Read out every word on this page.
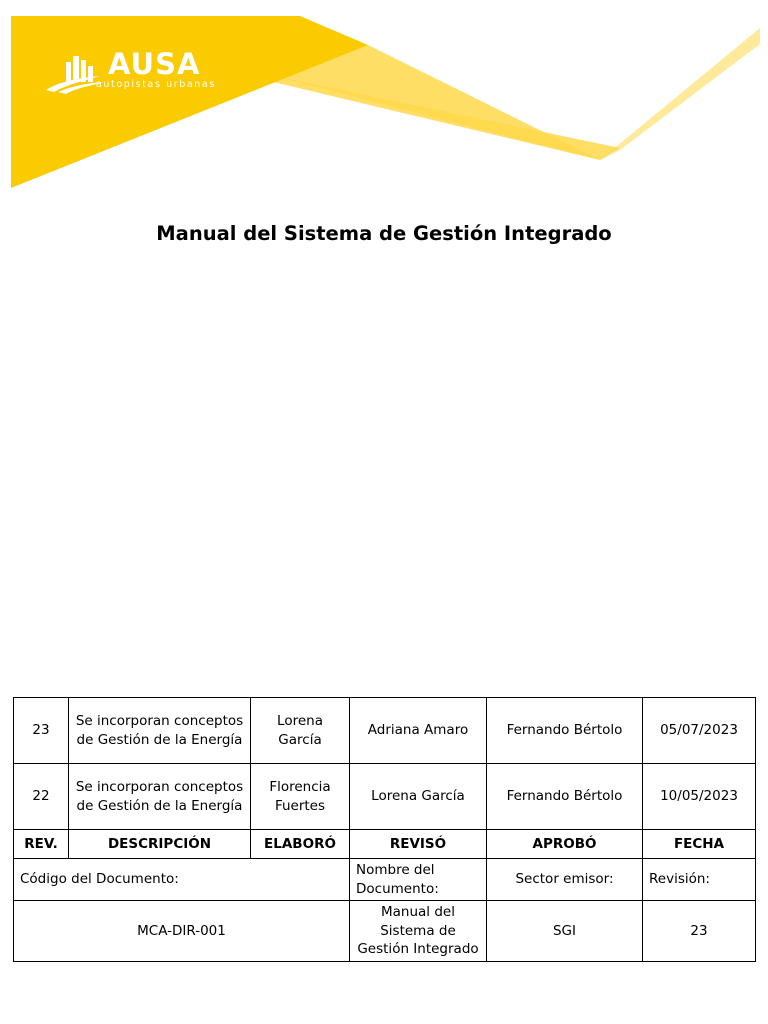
AUSA
autopistas urbanas
Manual del Sistema de Gestión Integrado
23	Se incorporan conceptos de Gestión de la Energía	Lorena García	Adriana Amaro	Fernando Bértolo	05/07/2023
22	Se incorporan conceptos de Gestión de la Energía	Florencia Fuertes	Lorena García	Fernando Bértolo	10/05/2023
REV.	DESCRIPCIÓN	ELABORÓ	REVISÓ	APROBÓ	FECHA
Código del Documento:			Nombre del Documento:	Sector emisor:	Revisión:
MCA-DIR-001			Manual del Sistema de Gestión Integrado	SGI	23
